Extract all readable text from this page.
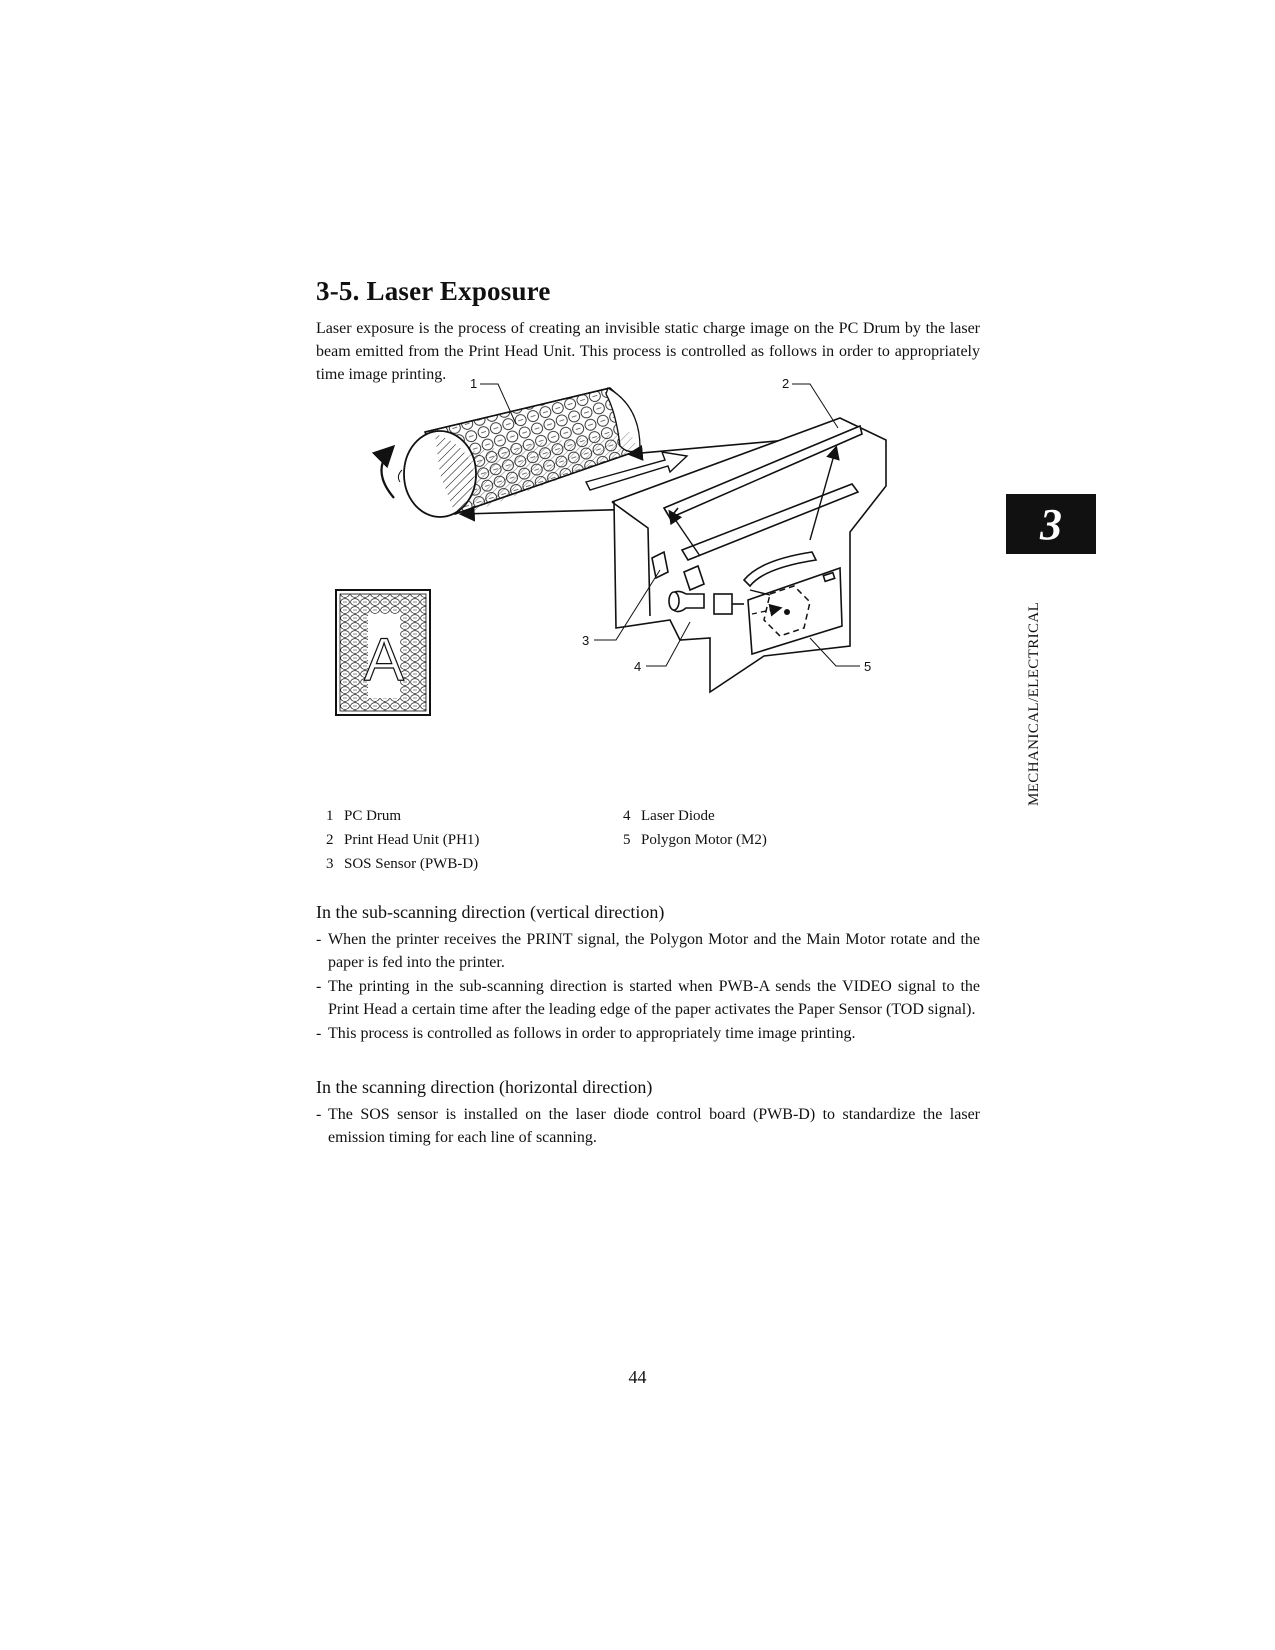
3-5. Laser Exposure

Laser exposure is the process of creating an invisible static charge image on the PC Drum by the laser beam emitted from the Print Head Unit. This process is controlled as follows in order to appropriately time image printing.

A
1	2
3
4	5
1 PC Drum
2 Print Head Unit (PH1)
3 SOS Sensor (PWB-D)
4 Laser Diode
5 Polygon Motor (M2)
In the sub-scanning direction (vertical direction)
- When the printer receives the PRINT signal, the Polygon Motor and the Main Motor rotate and the paper is fed into the printer.
- The printing in the sub-scanning direction is started when PWB-A sends the VIDEO signal to the Print Head a certain time after the leading edge of the paper activates the Paper Sensor (TOD signal).
- This process is controlled as follows in order to appropriately time image printing.
In the scanning direction (horizontal direction)
- The SOS sensor is installed on the laser diode control board (PWB-D) to standardize the laser emission timing for each line of scanning.
3
MECHANICAL/ELECTRICAL
44
